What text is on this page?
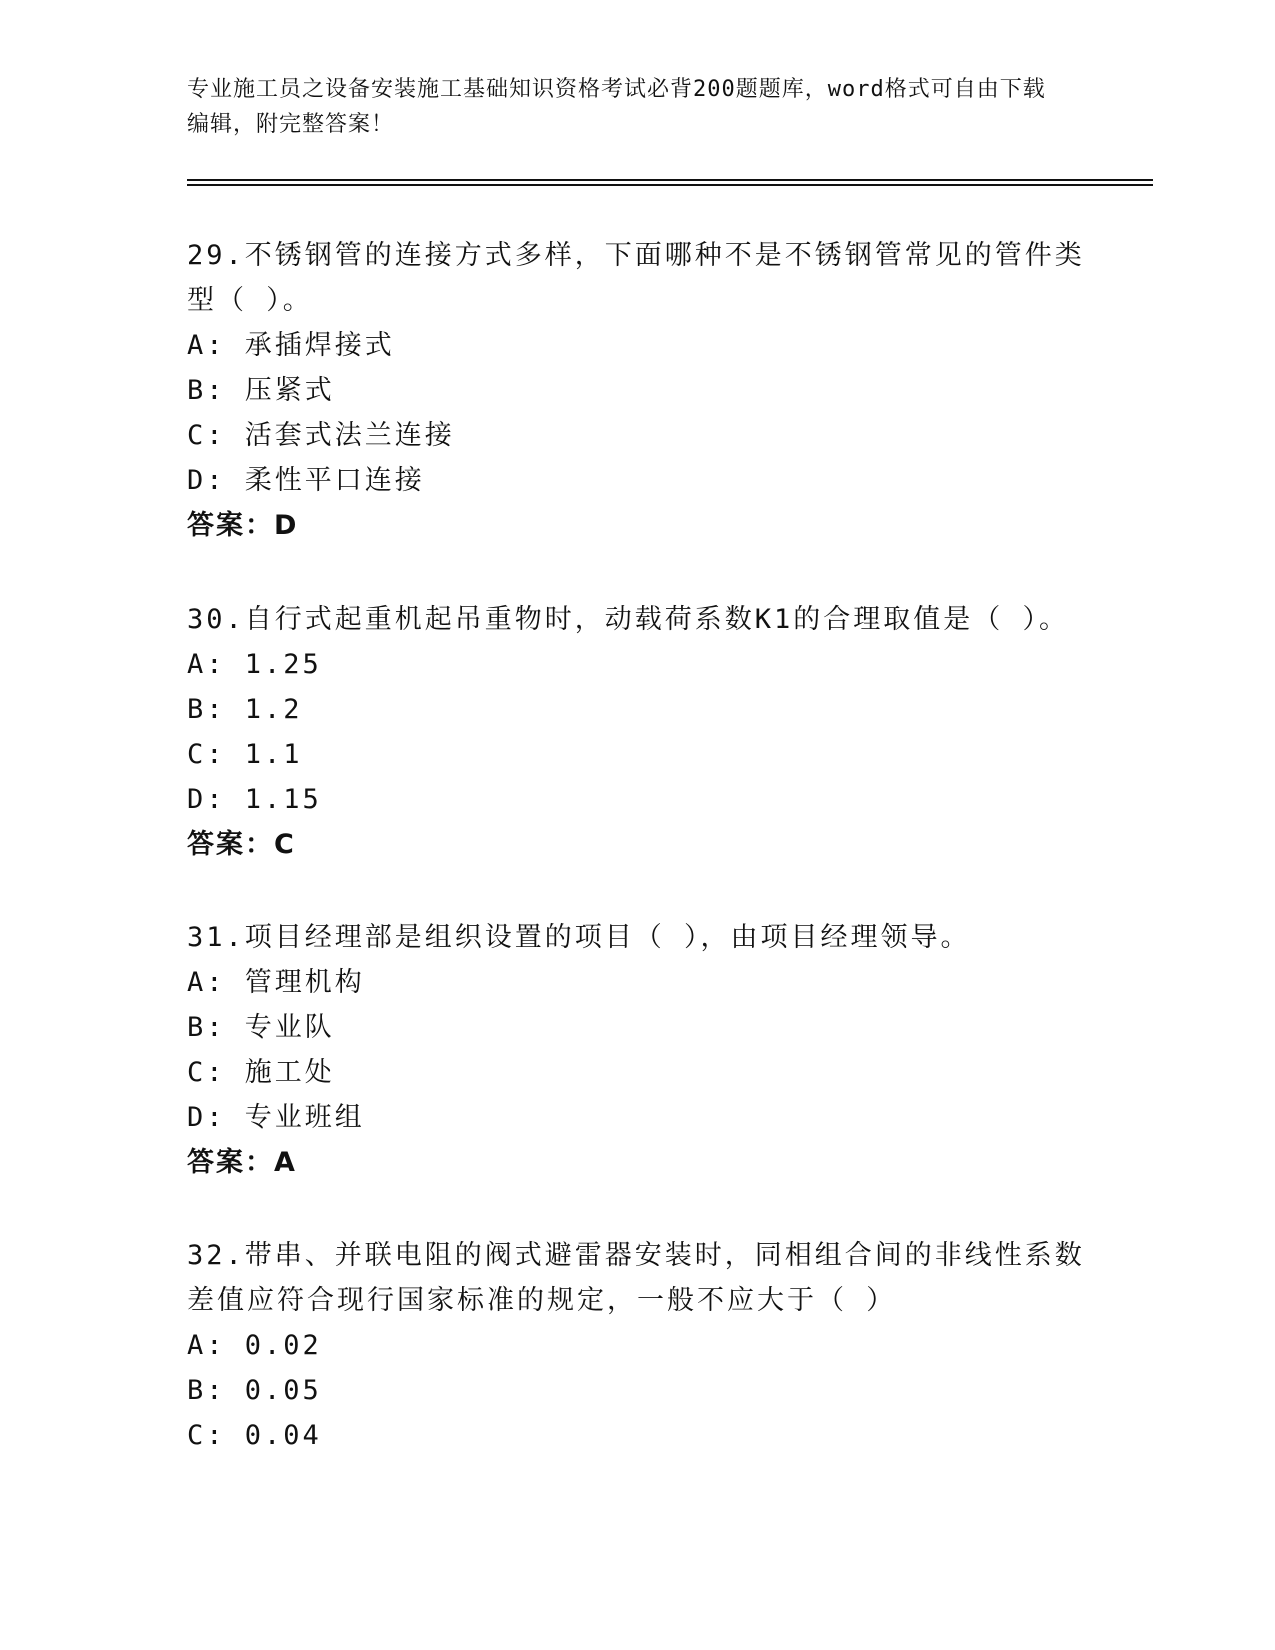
专业施工员之设备安装施工基础知识资格考试必背200题题库，word格式可自由下载编辑，附完整答案！

29.不锈钢管的连接方式多样，下面哪种不是不锈钢管常见的管件类型（ ）。

A: 承插焊接式

B: 压紧式

C: 活套式法兰连接

D: 柔性平口连接

答案：D

30.自行式起重机起吊重物时，动载荷系数K1的合理取值是（ ）。

A: 1.25

B: 1.2

C: 1.1

D: 1.15

答案：C

31.项目经理部是组织设置的项目（ ），由项目经理领导。

A: 管理机构

B: 专业队

C: 施工处

D: 专业班组

答案：A

32.带串、并联电阻的阀式避雷器安装时，同相组合间的非线性系数差值应符合现行国家标准的规定，一般不应大于（ ）

A: 0.02

B: 0.05

C: 0.04
